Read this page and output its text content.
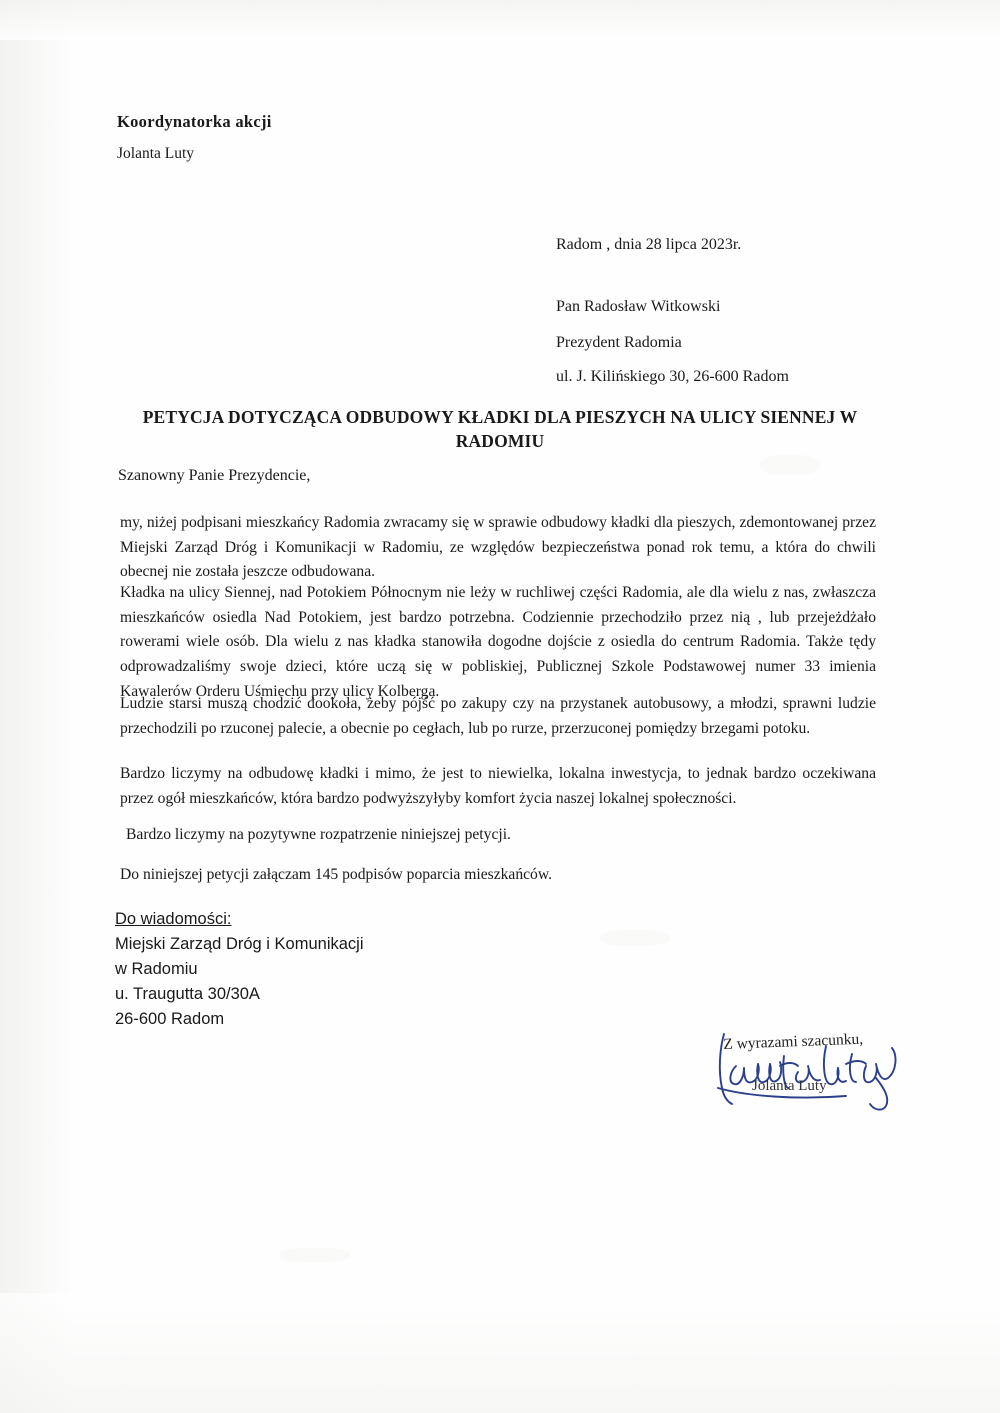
Koordynatorka akcji
Jolanta Luty
Radom , dnia 28 lipca 2023r.
Pan Radosław Witkowski
Prezydent Radomia
ul. J. Kilińskiego 30, 26-600 Radom
PETYCJA DOTYCZĄCA ODBUDOWY KŁADKI DLA PIESZYCH NA ULICY SIENNEJ W RADOMIU
Szanowny Panie Prezydencie,
my, niżej podpisani mieszkańcy Radomia zwracamy się w sprawie odbudowy kładki dla pieszych, zdemontowanej przez Miejski Zarząd Dróg i Komunikacji w Radomiu, ze względów bezpieczeństwa ponad rok temu, a która do chwili obecnej nie została jeszcze odbudowana.
Kładka na ulicy Siennej, nad Potokiem Północnym nie leży w ruchliwej części Radomia, ale dla wielu z nas, zwłaszcza mieszkańców osiedla Nad Potokiem, jest bardzo potrzebna. Codziennie przechodziło przez nią , lub przejeżdżało rowerami wiele osób. Dla wielu z nas kładka stanowiła dogodne dojście z osiedla do centrum Radomia. Także tędy odprowadzaliśmy swoje dzieci, które uczą się w pobliskiej, Publicznej Szkole Podstawowej numer 33 imienia Kawalerów Orderu Uśmiechu przy ulicy Kolberga.
Ludzie starsi muszą chodzić dookoła, żeby pójść po zakupy czy na przystanek autobusowy, a młodzi, sprawni ludzie przechodzili po rzuconej palecie, a obecnie po cegłach, lub po rurze, przerzuconej pomiędzy brzegami potoku.
Bardzo liczymy na odbudowę kładki i mimo, że jest to niewielka, lokalna inwestycja, to jednak bardzo oczekiwana przez ogół mieszkańców, która bardzo podwyższyłyby komfort życia naszej lokalnej społeczności.
Bardzo liczymy na pozytywne rozpatrzenie niniejszej petycji.
Do niniejszej petycji załączam 145 podpisów poparcia mieszkańców.
Do wiadomości:
Miejski Zarząd Dróg i Komunikacji
w Radomiu
u. Traugutta 30/30A
26-600 Radom
Z wyrazami szacunku,
Jolanta Luty
